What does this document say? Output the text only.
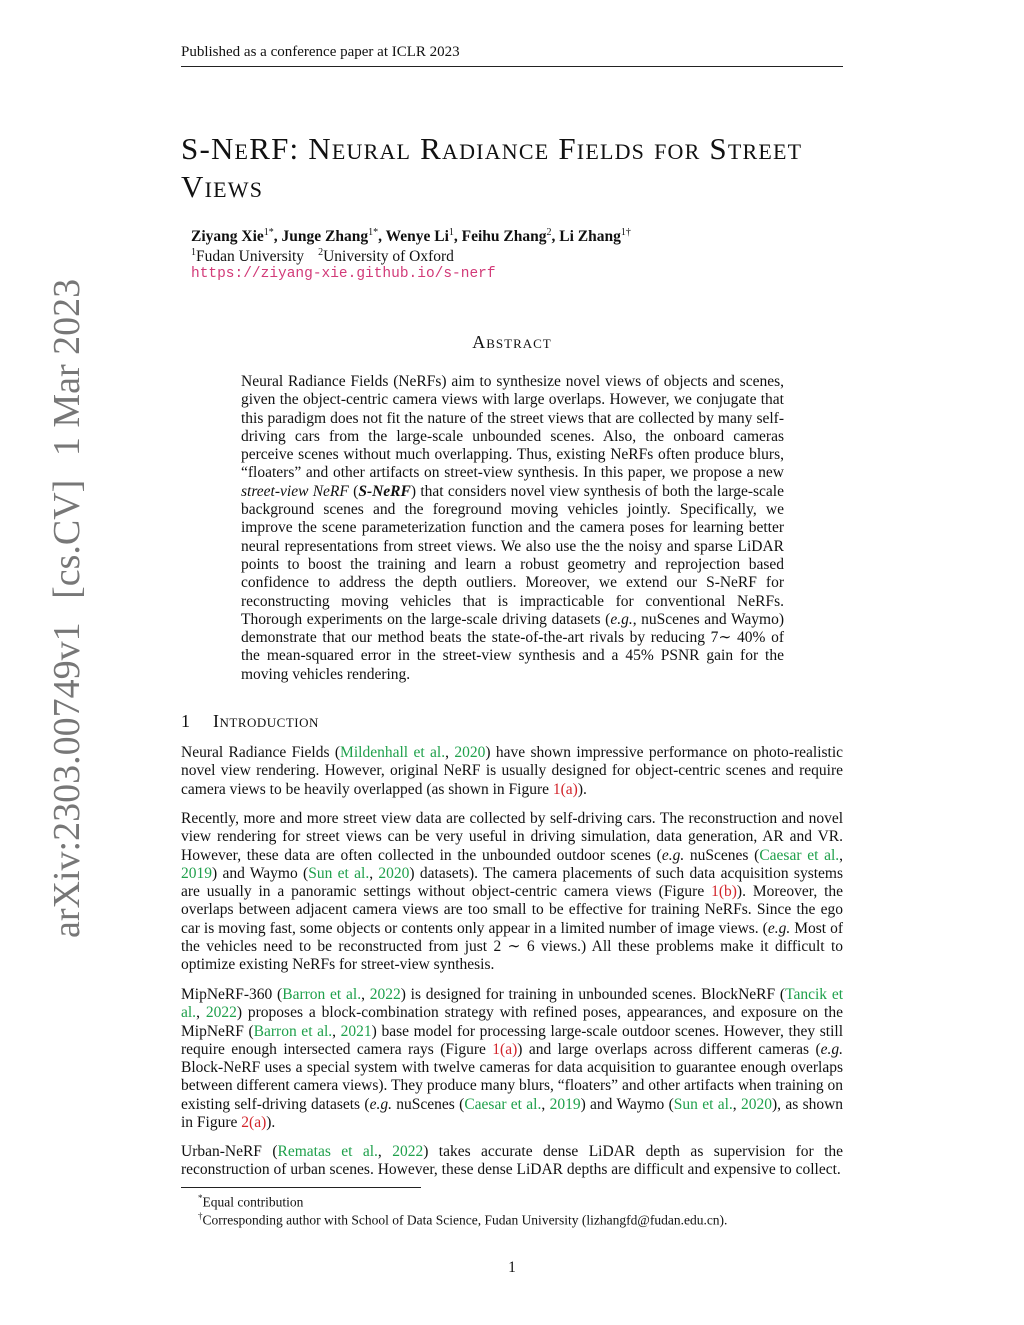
Published as a conference paper at ICLR 2023
arXiv:2303.00749v1 [cs.CV] 1 Mar 2023
S-NeRF: Neural Radiance Fields for Street Views
Ziyang Xie$^{1*}$, Junge Zhang$^{1*}$, Wenye Li$^1$, Feihu Zhang$^2$, Li Zhang$^{1\dagger}$
$^1$Fudan University $^2$University of Oxford
https://ziyang-xie.github.io/s-nerf
Abstract
Neural Radiance Fields (NeRFs) aim to synthesize novel views of objects and scenes, given the object-centric camera views with large overlaps. However, we conjugate that this paradigm does not fit the nature of the street views that are collected by many self-driving cars from the large-scale unbounded scenes. Also, the onboard cameras perceive scenes without much overlapping. Thus, existing NeRFs often produce blurs, “floaters” and other artifacts on street-view synthesis. In this paper, we propose a new street-view NeRF (S-NeRF) that considers novel view synthesis of both the large-scale background scenes and the foreground moving vehicles jointly. Specifically, we improve the scene parameterization function and the camera poses for learning better neural representations from street views. We also use the the noisy and sparse LiDAR points to boost the training and learn a robust geometry and reprojection based confidence to address the depth outliers. Moreover, we extend our S-NeRF for reconstructing moving vehicles that is impracticable for conventional NeRFs. Thorough experiments on the large-scale driving datasets (e.g., nuScenes and Waymo) demonstrate that our method beats the state-of-the-art rivals by reducing 7∼ 40% of the mean-squared error in the street-view synthesis and a 45% PSNR gain for the moving vehicles rendering.
1 Introduction
Neural Radiance Fields (Mildenhall et al., 2020) have shown impressive performance on photo-realistic novel view rendering. However, original NeRF is usually designed for object-centric scenes and require camera views to be heavily overlapped (as shown in Figure 1(a)).
Recently, more and more street view data are collected by self-driving cars. The reconstruction and novel view rendering for street views can be very useful in driving simulation, data generation, AR and VR. However, these data are often collected in the unbounded outdoor scenes (e.g. nuScenes (Caesar et al., 2019) and Waymo (Sun et al., 2020) datasets). The camera placements of such data acquisition systems are usually in a panoramic settings without object-centric camera views (Figure 1(b)). Moreover, the overlaps between adjacent camera views are too small to be effective for training NeRFs. Since the ego car is moving fast, some objects or contents only appear in a limited number of image views. (e.g. Most of the vehicles need to be reconstructed from just 2 ∼ 6 views.) All these problems make it difficult to optimize existing NeRFs for street-view synthesis.
MipNeRF-360 (Barron et al., 2022) is designed for training in unbounded scenes. BlockNeRF (Tancik et al., 2022) proposes a block-combination strategy with refined poses, appearances, and exposure on the MipNeRF (Barron et al., 2021) base model for processing large-scale outdoor scenes. However, they still require enough intersected camera rays (Figure 1(a)) and large overlaps across different cameras (e.g. Block-NeRF uses a special system with twelve cameras for data acquisition to guarantee enough overlaps between different camera views). They produce many blurs, “floaters” and other artifacts when training on existing self-driving datasets (e.g. nuScenes (Caesar et al., 2019) and Waymo (Sun et al., 2020), as shown in Figure 2(a)).
Urban-NeRF (Rematas et al., 2022) takes accurate dense LiDAR depth as supervision for the reconstruction of urban scenes. However, these dense LiDAR depths are difficult and expensive to collect.
*Equal contribution
†Corresponding author with School of Data Science, Fudan University (lizhangfd@fudan.edu.cn).
1
